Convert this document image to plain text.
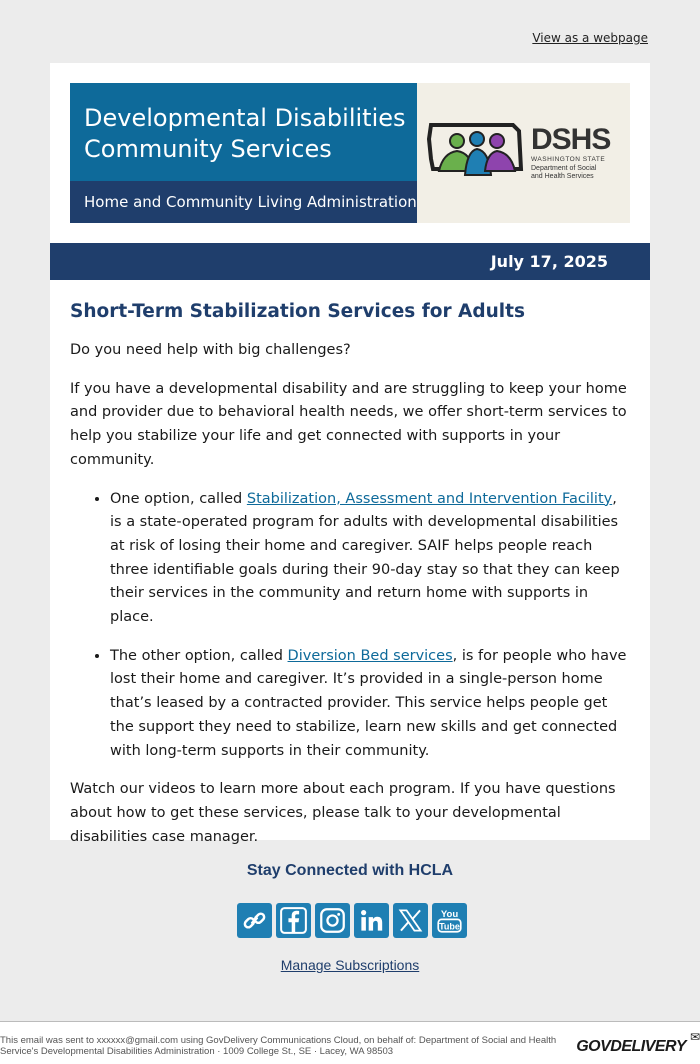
View as a webpage
Developmental Disabilities
Community Services
Home and Community Living Administration
DSHS
WASHINGTON STATE
Department of Social
and Health Services
July 17, 2025
Short-Term Stabilization Services for Adults

Do you need help with big challenges?

If you have a developmental disability and are struggling to keep your home and provider due to behavioral health needs, we offer short-term services to help you stabilize your life and get connected with supports in your community.

• One option, called Stabilization, Assessment and Intervention Facility, is a state-operated program for adults with developmental disabilities at risk of losing their home and caregiver. SAIF helps people reach three identifiable goals during their 90-day stay so that they can keep their services in the community and return home with supports in place.
• The other option, called Diversion Bed services, is for people who have lost their home and caregiver. It’s provided in a single-person home that’s leased by a contracted provider. This service helps people get the support they need to stabilize, learn new skills and get connected with long-term supports in their community.

Watch our videos to learn more about each program. If you have questions about how to get these services, please talk to your developmental disabilities case manager.

Stay Connected with HCLA
You
Tube
Manage Subscriptions
This email was sent to xxxxxx@gmail.com using GovDelivery Communications Cloud, on behalf of: Department of Social and Health Service's Developmental Disabilities Administration · 1009 College St., SE · Lacey, WA 98503
✉
GOVDELIVERY
